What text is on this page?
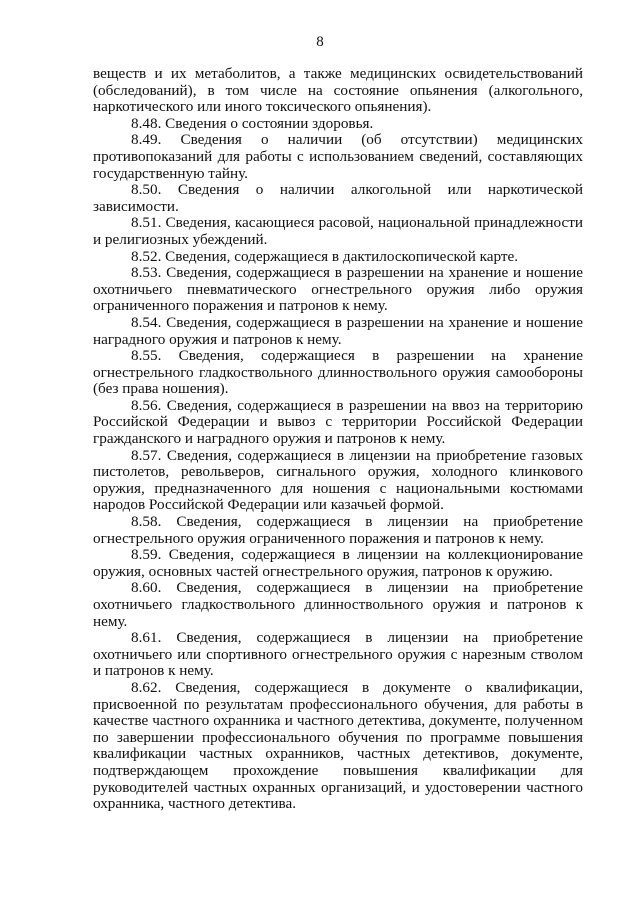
8

веществ и их метаболитов, а также медицинских освидетельствований (обследований), в том числе на состояние опьянения (алкогольного, наркотического или иного токсического опьянения).

8.48. Сведения о состоянии здоровья.

8.49. Сведения о наличии (об отсутствии) медицинских противопоказаний для работы с использованием сведений, составляющих государственную тайну.

8.50. Сведения о наличии алкогольной или наркотической зависимости.

8.51. Сведения, касающиеся расовой, национальной принадлежности и религиозных убеждений.

8.52. Сведения, содержащиеся в дактилоскопической карте.

8.53. Сведения, содержащиеся в разрешении на хранение и ношение охотничьего пневматического огнестрельного оружия либо оружия ограниченного поражения и патронов к нему.

8.54. Сведения, содержащиеся в разрешении на хранение и ношение наградного оружия и патронов к нему.

8.55. Сведения, содержащиеся в разрешении на хранение огнестрельного гладкоствольного длинноствольного оружия самообороны (без права ношения).

8.56. Сведения, содержащиеся в разрешении на ввоз на территорию Российской Федерации и вывоз с территории Российской Федерации гражданского и наградного оружия и патронов к нему.

8.57. Сведения, содержащиеся в лицензии на приобретение газовых пистолетов, револьверов, сигнального оружия, холодного клинкового оружия, предназначенного для ношения с национальными костюмами народов Российской Федерации или казачьей формой.

8.58. Сведения, содержащиеся в лицензии на приобретение огнестрельного оружия ограниченного поражения и патронов к нему.

8.59. Сведения, содержащиеся в лицензии на коллекционирование оружия, основных частей огнестрельного оружия, патронов к оружию.

8.60. Сведения, содержащиеся в лицензии на приобретение охотничьего гладкоствольного длинноствольного оружия и патронов к нему.

8.61. Сведения, содержащиеся в лицензии на приобретение охотничьего или спортивного огнестрельного оружия с нарезным стволом и патронов к нему.

8.62. Сведения, содержащиеся в документе о квалификации, присвоенной по результатам профессионального обучения, для работы в качестве частного охранника и частного детектива, документе, полученном по завершении профессионального обучения по программе повышения квалификации частных охранников, частных детективов, документе, подтверждающем прохождение повышения квалификации для руководителей частных охранных организаций, и удостоверении частного охранника, частного детектива.
